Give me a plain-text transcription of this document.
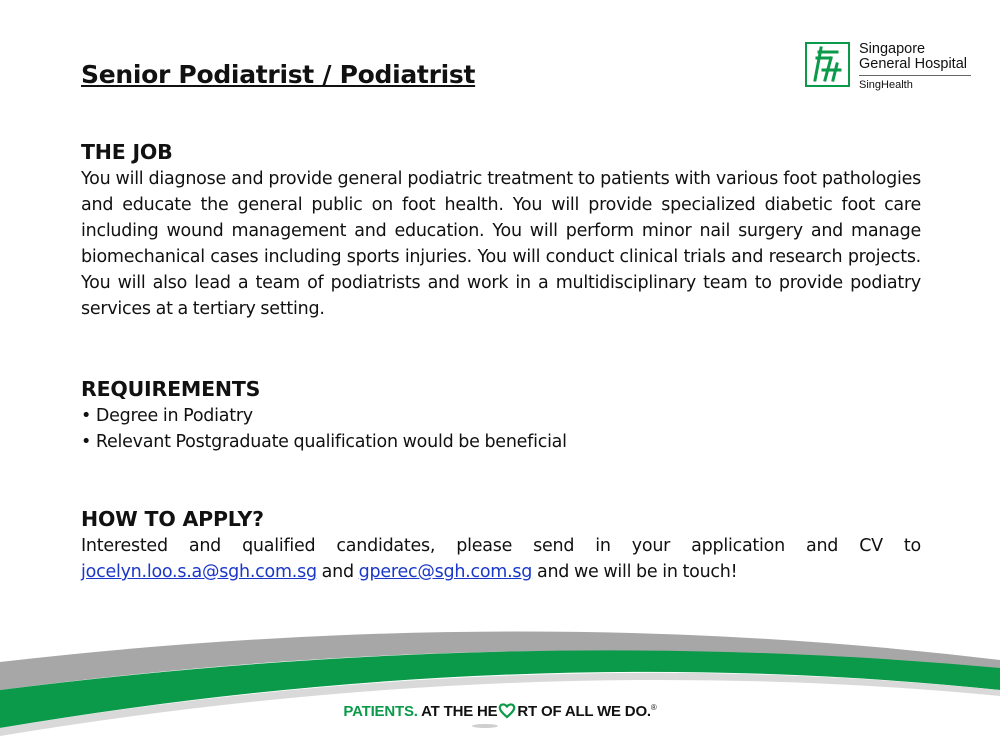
Singapore
General Hospital
SingHealth
Senior Podiatrist / Podiatrist
THE JOB

You will diagnose and provide general podiatric treatment to patients with various foot pathologies and educate the general public on foot health. You will provide specialized diabetic foot care including wound management and education. You will perform minor nail surgery and manage biomechanical cases including sports injuries. You will conduct clinical trials and research projects. You will also lead a team of podiatrists and work in a multidisciplinary team to provide podiatry services at a tertiary setting.

REQUIREMENTS
• Degree in Podiatry
• Relevant Postgraduate qualification would be beneficial
HOW TO APPLY?

Interested and qualified candidates, please send in your application and CV to jocelyn.loo.s.a@sgh.com.sg and gperec@sgh.com.sg and we will be in touch!

PATIENTS. AT THE HE RT OF ALL WE DO.®
